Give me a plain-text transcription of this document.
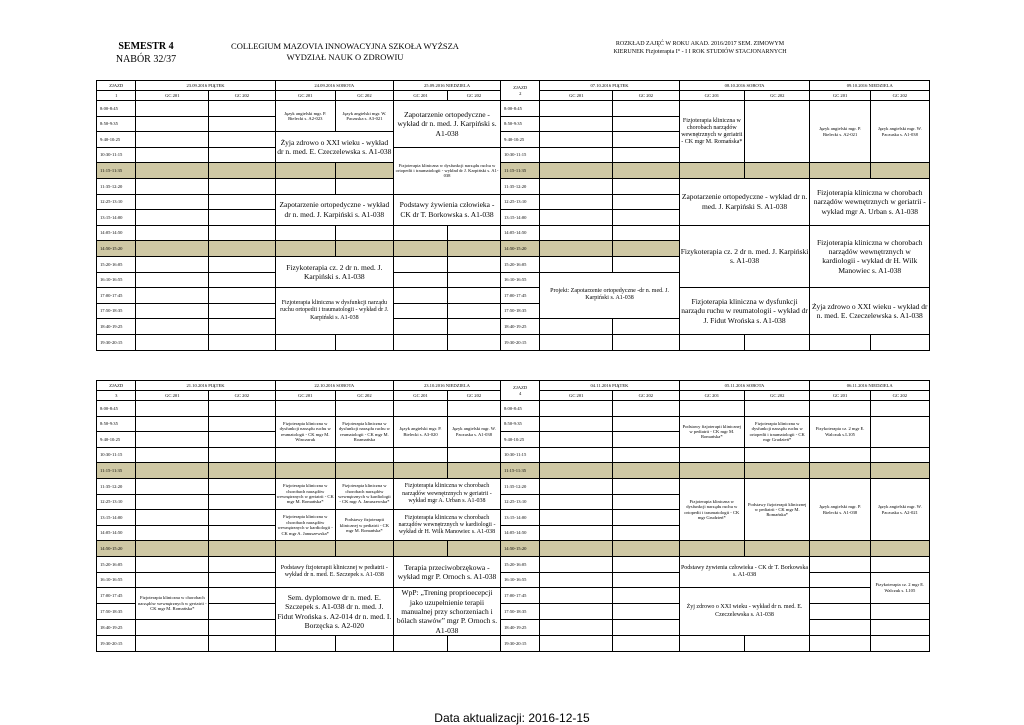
SEMESTR 4
NABÓR 32/37
COLLEGIUM MAZOVIA INNOWACYJNA SZKOŁA WYŻSZA
WYDZIAŁ NAUK O ZDROWIU
ROZKŁAD ZAJĘĆ W ROKU AKAD. 2016/2017 SEM. ZIMOWYM
KIERUNEK Fizjoterapia I° - I I ROK STUDIÓW STACJONARNYCH
ZJAZD	23.09.2016 PIĄTEK		24.09.2016 SOBOTA		25.09.2016 NIEDZIELA		ZJAZD
2	07.10.2016 PIĄTEK		08.10.2016 SOBOTA		09.10.2016 NIEDZIELA	
1	GC 201	GC 202	GC 201	GC 202	GC 201	GC 202		GC 201	GC 202	GC 201	GC 202	GC 201	GC 202
8:00-8:45			Język angielski mgr. P. Bielecki s. A2-023	Język angielski mgr. W. Paczuska s. A3-021	Zapotarzenie ortopedyczne - wykład dr n. med. J. Karpiński s. A1-038		8:00-8:45			Fizjoterapia kliniczna w chorobach narządów wewnętrznych w geriatrii - CK mgr M. Romańska*		Język angielski mgr. P. Bielecki s. A2-021	Język angielski mgr. W. Paczuska s. A1-038
8:50-9:35							8:50-9:35						
9:40-10:25			Żyja zdrowo o XXI wieku - wykład dr n. med. E. Czeczelewska s. A1-038				9:40-10:25						
10:30-11:15					Fizjoterapia kliniczna w dysfunkcji narządu ruchu w ortopedii i traumatologii - wykład dr J. Karpiński s. A1-038		10:30-11:15						
11:15-11:35							11:15-11:35						
11:35-12:20							11:35-12:20			Zapotarzenie ortopedyczne - wykład dr n. med. J. Karpiński S. A1-038		Fizjoterapia kliniczna w chorobach narządów wewnętrznych w geriatrii - wykład mgr A. Urban s. A1-038	
12:25-13:10			Zapotarzenie ortopedyczne - wykład dr n. med. J. Karpiński s. A1-038		Podstawy żywienia człowieka - CK dr T. Borkowska s. A1-038		12:25-13:10						
13:15-14:00							13:15-14:00						
14:05-14:50							14:05-14:50			Fizykoterapia cz. 2 dr n. med. J. Karpiński s. A1-038		Fizjoterapia kliniczna w chorobach narządów wewnętrznych w kardiologii - wykład dr H. Wilk Manowiec s. A1-038	
14:50-15:20							14:50-15:20						
15:20-16:05			Fizykoterapia cz. 2 dr n. med. J. Karpiński s. A1-038				15:20-16:05						
16:10-16:55							16:10-16:55	Projekt: Zapotarzenie ortopedyczne -dr n. med. J. Karpiński s. A1-038					
17:00-17:45			Fizjoterapia kliniczna w dysfunkcji narządu ruchu ortopedii i traumatologii - wykład dr J. Karpiński s. A1-038				17:00-17:45			Fizjoterapia kliniczna w dysfunkcji narządu ruchu w reumatologii - wykład dr J. Fidut Wrońska s. A1-038		Żyja zdrowo o XXI wieku - wykład dr n. med. E. Czeczelewska s. A1-038	
17:50-18:35							17:50-18:35						
18:40-19:25							18:40-19:25						
19:30-20:15							19:30-20:15						
ZJAZD	21.10.2016 PIĄTEK		22.10.2016 SOBOTA		23.10.2016 NIEDZIELA		ZJAZD
4	04.11.2016 PIĄTEK		05.11.2016 SOBOTA		06.11.2016 NIEDZIELA	
3	GC 201	GC 202	GC 201	GC 202	GC 201	GC 202		GC 201	GC 202	GC 201	GC 202	GC 201	GC 202
8:00-8:45							8:00-8:45						
8:50-9:35			Fizjoterapia kliniczna w dysfunkcji narządu ruchu w reumatologii - CK mgr M. Winczaruk	Fizjoterapia kliniczna w dysfunkcji narządu ruchu w reumatologii - CK mgr M. Roamańska	Język angielski mgr. P. Bielecki s. A3-020	Język angielski mgr. W. Paczuska s. A1-038	8:50-9:35			Podstawy fizjoterapii klinicznej w pediatrii - CK mgr M. Romańska*	Fizjoterapia kliniczna w dysfunkcji narządu ruchu w ortopedii i traumatologii - CK mgr Grudzień*	Fizykoterapia cz. 2 mgr E. Walczuk s.L105	
9:40-10:25							9:40-10:25						
10:30-11:15							10:30-11:15						
11:15-11:35							11:15-11:35						
11:35-12:20			Fizjoterapia kliniczna w chorobach narządów wewnętrznych w geriatrii - CK mgr M. Romańska*	Fizjoterapia kliniczna w chorobach narządów wewnętrznych w kardiologii - CK mgr A. Januszewska*	Fizjoterapia kliniczna w chorobach narządów wewnętrznych w geriatrii - wykład mgr A. Urban s. A1-038		11:35-12:20			Fizjoterapia kliniczna w dysfunkcji narządu ruchu w ortopedii i traumatologii - CK mgr Grudzień*	Podstawy fizjoterapii klinicznej w pediatrii - CK mgr M. Romańska*	Język angielski mgr. P. Bielecki s. A1-038	Język angielski mgr. W. Paczuska s. A2-021
12:25-13:10							12:25-13:10						
13:15-14:00			Fizjoterapia kliniczna w chorobach narządów wewnętrznych w kardiologii - CK mgr A. Januszewska*	Podstawy fizjoterapii klinicznej w pediatrii - CK mgr M. Romańska*	Fizjoterapia kliniczna w chorobach narządów wewnętrznych w kardiologii - wykład dr H. Wilk Manowiec s. A1-038		13:15-14:00						
14:05-14:50							14:05-14:50						
14:50-15:20							14:50-15:20						
15:20-16:05			Podstawy fizjoterapii klinicznej w pediatrii - wykład dr n. med. E. Szczepek s. A1-038		Terapia przeciwobrzękowa - wykład mgr P. Ornoch s. A1-038		15:20-16:05			Podstawy żywienia człowieka - CK dr T. Borkowska s. A1-038			
16:10-16:55							16:10-16:55						Fizykoterapia cz. 2 mgr E. Walczuk s. L105
17:00-17:45	Fizjoterapia kliniczna w chorobach narządów wewnętrznych w geriatrii - CK mgr M. Romańska*		Sem. dyplomowe dr n. med. E. Szczepek s. A1-038 dr n. med. J. Fidut Wrońska s. A2-014 dr n. med. I. Borzęcka s. A2-020		WpP: „Trening proprioecepcji jako uzupełnienie terapii manualnej przy schorzeniach i bólach stawów” mgr P. Ornoch s. A1-038		17:00-17:45			Żyj zdrowo o XXI wieku - wykład dr n. med. E. Czeczelewska s. A1-038			
17:50-18:35							17:50-18:35						
18:40-19:25							18:40-19:25						
19:30-20:15							19:30-20:15						
Data aktualizacji: 2016-12-15
